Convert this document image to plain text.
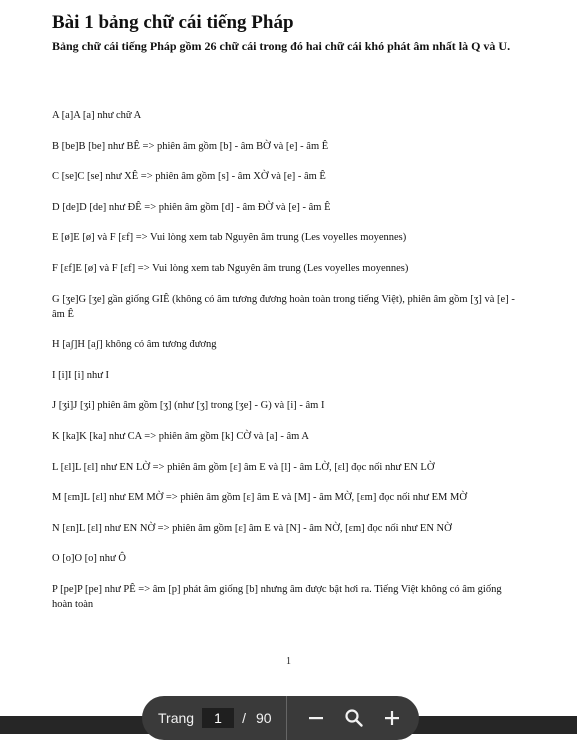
Bài 1 bảng chữ cái tiếng Pháp

Bảng chữ cái tiếng Pháp gồm 26 chữ cái trong đó hai chữ cái khó phát âm nhất là Q và U.

A [a]A [a] như chữ A

B [be]B [be] như BÊ => phiên âm gồm [b] - âm BỜ và [e] - âm Ê

C [se]C [se] như XÊ => phiên âm gồm [s] - âm XỜ và [e] - âm Ê

D [de]D [de] như ĐÊ => phiên âm gồm [d] - âm ĐỜ và [e] - âm Ê

E [ø]E [ø] và F [ɛf] => Vui lòng xem tab Nguyên âm trung (Les voyelles moyennes)

F [ɛf]E [ø] và F [ɛf] => Vui lòng xem tab Nguyên âm trung (Les voyelles moyennes)

G [ʒe]G [ʒe] gần giống GIÊ (không có âm tương đương hoàn toàn trong tiếng Việt), phiên âm gồm [ʒ] và [e] - âm Ê

H [aʃ]H [aʃ] không có âm tương đương

I [i]I [i] như I

J [ʒi]J [ʒi] phiên âm gồm [ʒ] (như [ʒ] trong [ʒe] - G) và [i] - âm I

K [ka]K [ka] như CA => phiên âm gồm [k] CỜ và [a] - âm A

L [ɛl]L [ɛl] như EN LỜ => phiên âm gồm [ɛ] âm E và [l] - âm LỜ, [ɛl] đọc nối như EN LỜ

M [ɛm]L [ɛl] như EM MỜ => phiên âm gồm [ɛ] âm E và [M] - âm MỜ, [ɛm] đọc nối như EM MỜ

N [ɛn]L [ɛl] như EN NỜ => phiên âm gồm [ɛ] âm E và [N] - âm NỜ, [ɛm] đọc nối như EN NỜ

O [o]O [o] như Ô

P [pe]P [pe] như PÊ => âm [p] phát âm giống [b] nhưng âm được bật hơi ra. Tiếng Việt không có âm giống hoàn toàn

1
Trang
1	/ 90
